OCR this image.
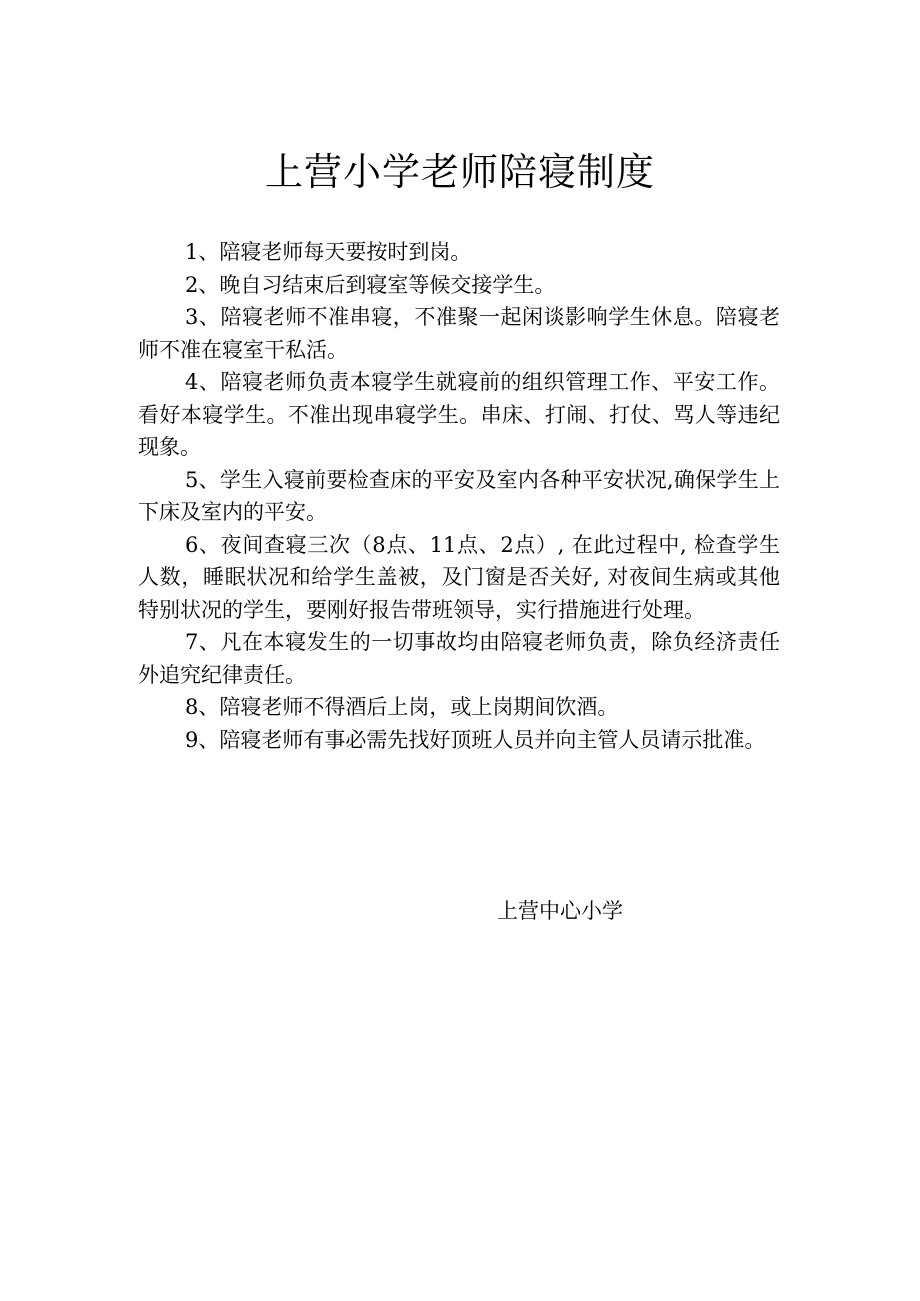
上营小学老师陪寝制度

1、陪寝老师每天要按时到岗。

2、晚自习结束后到寝室等候交接学生。

3、陪寝老师不准串寝，不准聚一起闲谈影响学生休息。陪寝老师不准在寝室干私活。

4、陪寝老师负责本寝学生就寝前的组织管理工作、平安工作。看好本寝学生。不准出现串寝学生。串床、打闹、打仗、骂人等违纪现象。

5、学生入寝前要检查床的平安及室内各种平安状况,确保学生上下床及室内的平安。

6、夜间查寝三次（8点、11点、2点）, 在此过程中, 检查学生人数，睡眠状况和给学生盖被，及门窗是否关好, 对夜间生病或其他特别状况的学生，要刚好报告带班领导，实行措施进行处理。

7、凡在本寝发生的一切事故均由陪寝老师负责，除负经济责任外追究纪律责任。

8、陪寝老师不得酒后上岗，或上岗期间饮酒。

9、陪寝老师有事必需先找好顶班人员并向主管人员请示批准。

上营中心小学
